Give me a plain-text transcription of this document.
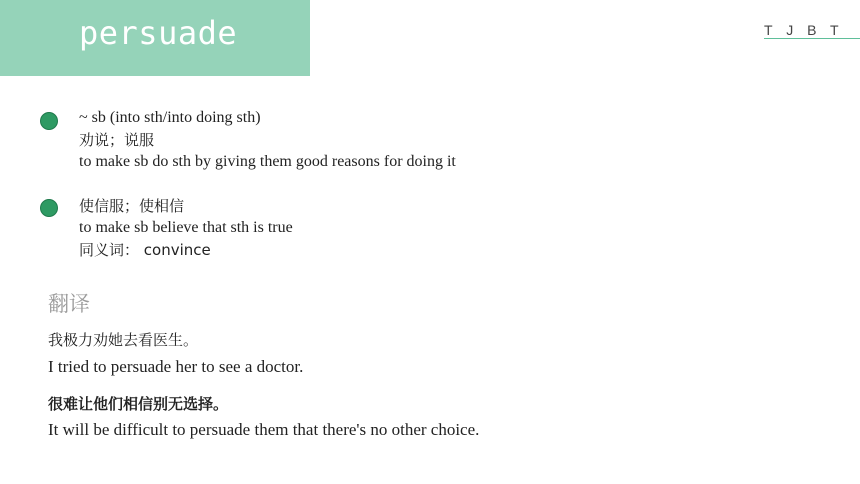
persuade	T J B T
~ sb (into sth/into doing sth)
劝说；说服
to make sb do sth by giving them good reasons for doing it
使信服；使相信
to make sb believe that sth is true
同义词： convince
翻译
我极力劝她去看医生。
I tried to persuade her to see a doctor.
很难让他们相信别无选择。
It will be difficult to persuade them that there's no other choice.
